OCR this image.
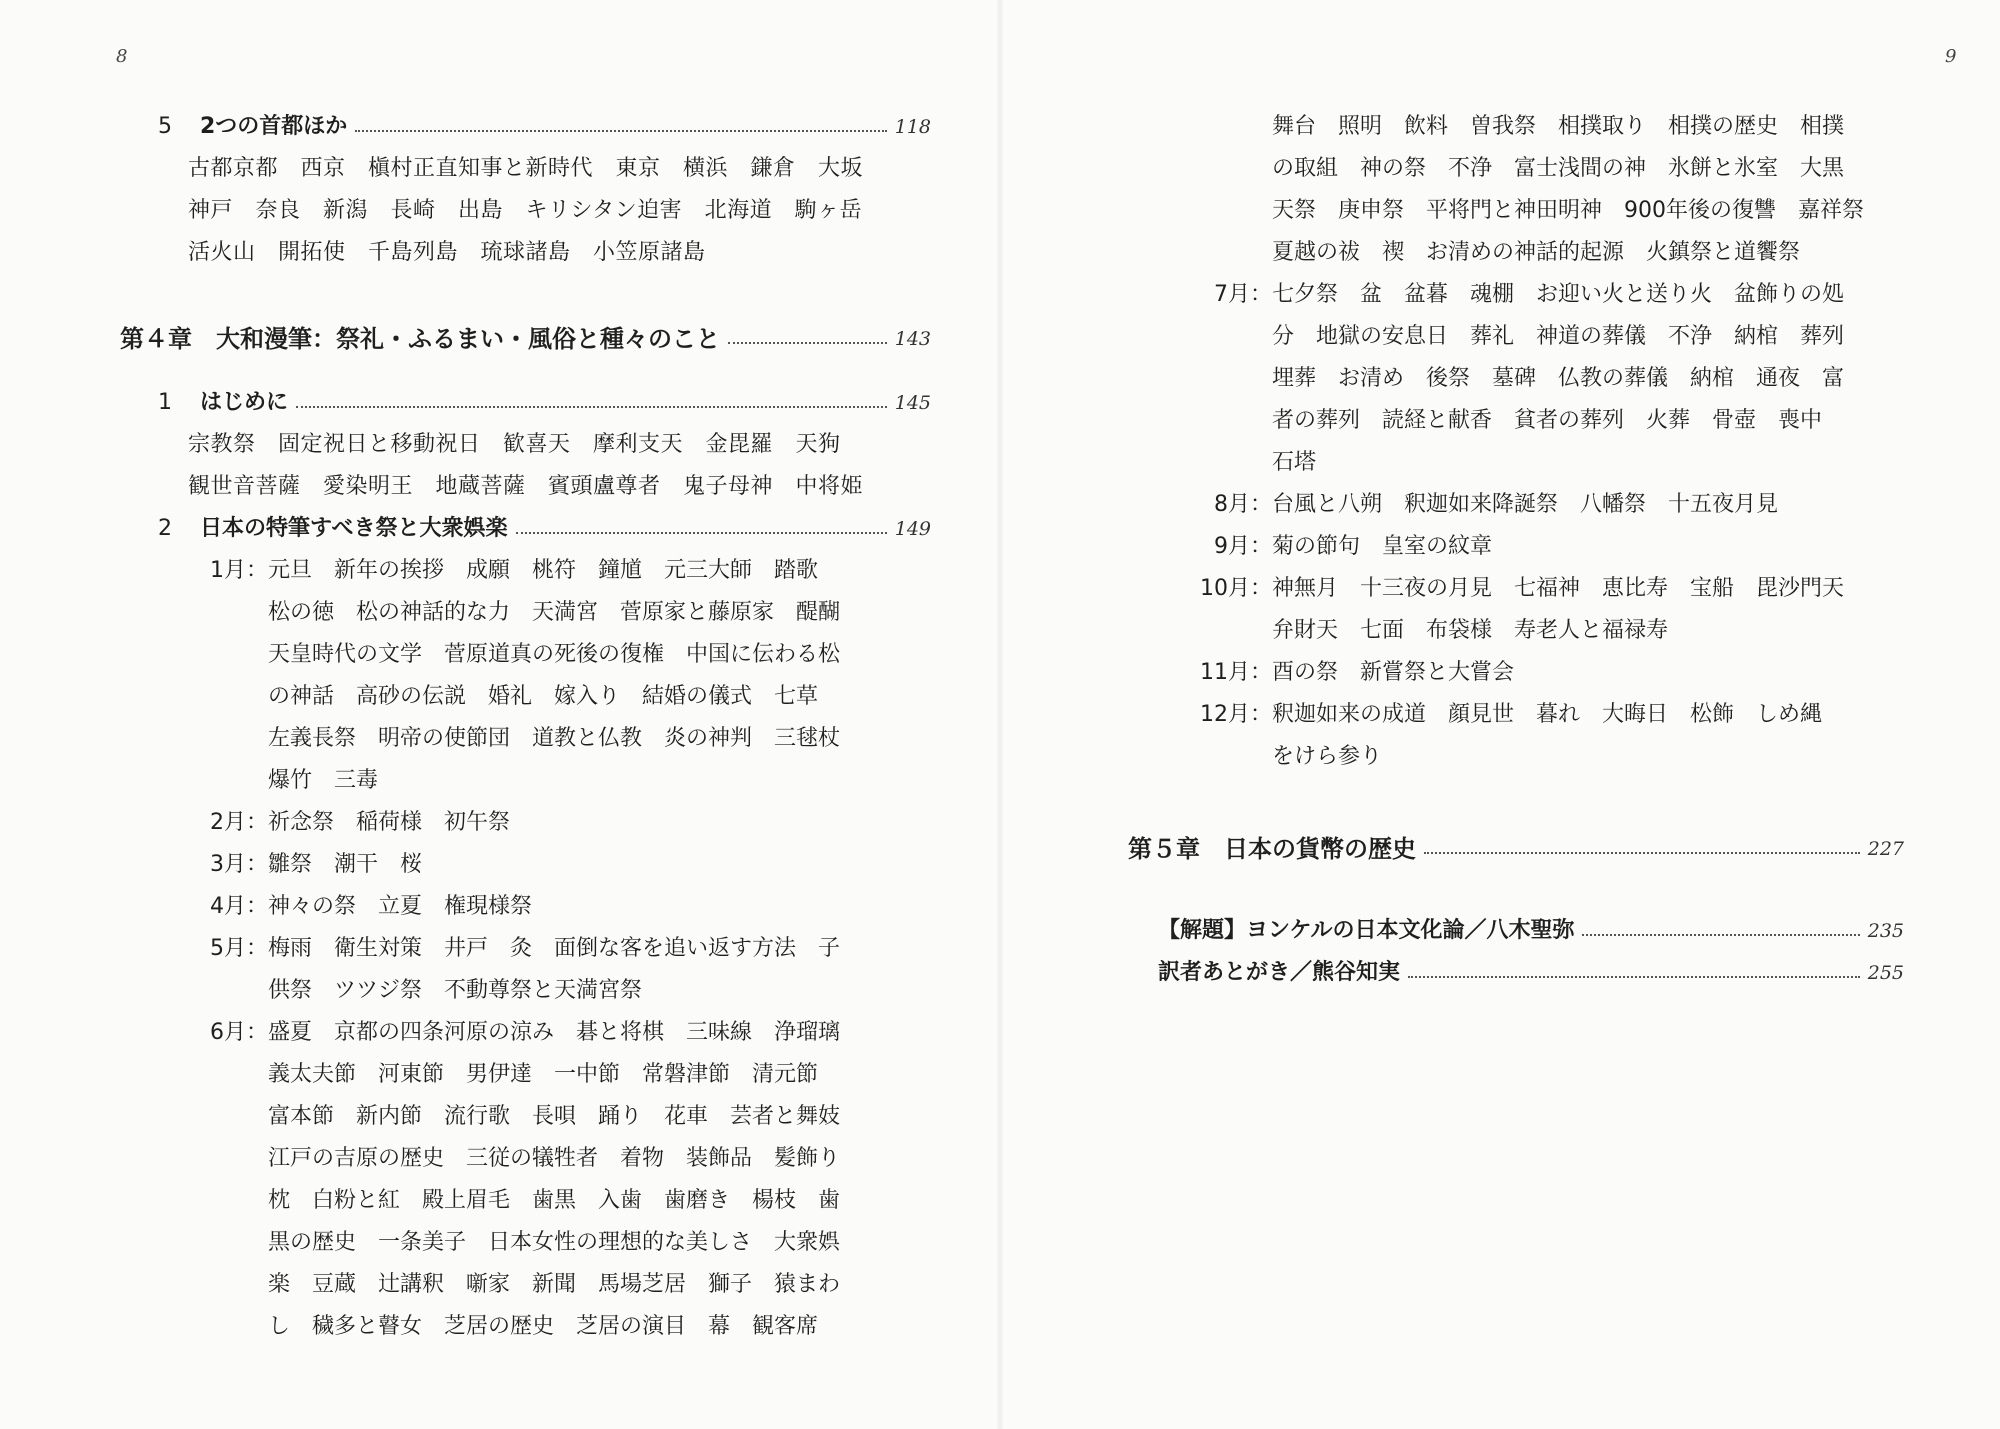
8	9
5	2つの首都ほか	118
古都京都　西京　槇村正直知事と新時代　東京　横浜　鎌倉　大坂
神戸　奈良　新潟　長崎　出島　キリシタン迫害　北海道　駒ヶ岳
活火山　開拓使　千島列島　琉球諸島　小笠原諸島
第４章　大和漫筆：祭礼・ふるまい・風俗と種々のこと	143
1	はじめに	145
宗教祭　固定祝日と移動祝日　歓喜天　摩利支天　金毘羅　天狗
観世音菩薩　愛染明王　地蔵菩薩　賓頭盧尊者　鬼子母神　中将姫
2	日本の特筆すべき祭と大衆娯楽	149
1月： 元旦　新年の挨拶　成願　桃符　鐘馗　元三大師　踏歌
松の徳　松の神話的な力　天満宮　菅原家と藤原家　醍醐
天皇時代の文学　菅原道真の死後の復権　中国に伝わる松
の神話　高砂の伝説　婚礼　嫁入り　結婚の儀式　七草
左義長祭　明帝の使節団　道教と仏教　炎の神判　三毬杖
爆竹　三毒
2月： 祈念祭　稲荷様　初午祭
3月： 雛祭　潮干　桜
4月： 神々の祭　立夏　権現様祭
5月： 梅雨　衛生対策　井戸　灸　面倒な客を追い返す方法　子
供祭　ツツジ祭　不動尊祭と天満宮祭
6月： 盛夏　京都の四条河原の涼み　碁と将棋　三味線　浄瑠璃
義太夫節　河東節　男伊達　一中節　常磐津節　清元節
富本節　新内節　流行歌　長唄　踊り　花車　芸者と舞妓
江戸の吉原の歴史　三従の犠牲者　着物　装飾品　髪飾り
枕　白粉と紅　殿上眉毛　歯黒　入歯　歯磨き　楊枝　歯
黒の歴史　一条美子　日本女性の理想的な美しさ　大衆娯
楽　豆蔵　辻講釈　噺家　新聞　馬場芝居　獅子　猿まわ
し　穢多と瞽女　芝居の歴史　芝居の演目　幕　観客席
舞台　照明　飲料　曽我祭　相撲取り　相撲の歴史　相撲
の取組　神の祭　不浄　富士浅間の神　氷餅と氷室　大黒
天祭　庚申祭　平将門と神田明神　900年後の復讐　嘉祥祭
夏越の祓　禊　お清めの神話的起源　火鎮祭と道饗祭
7月： 七夕祭　盆　盆暮　魂棚　お迎い火と送り火　盆飾りの処
分　地獄の安息日　葬礼　神道の葬儀　不浄　納棺　葬列
埋葬　お清め　後祭　墓碑　仏教の葬儀　納棺　通夜　富
者の葬列　読経と献香　貧者の葬列　火葬　骨壺　喪中
石塔
8月： 台風と八朔　釈迦如来降誕祭　八幡祭　十五夜月見
9月： 菊の節句　皇室の紋章
10月： 神無月　十三夜の月見　七福神　恵比寿　宝船　毘沙門天
弁財天　七面　布袋様　寿老人と福禄寿
11月： 酉の祭　新嘗祭と大嘗会
12月： 釈迦如来の成道　顔見世　暮れ　大晦日　松飾　しめ縄
をけら参り
第５章　日本の貨幣の歴史	227
【解題】ヨンケルの日本文化論／八木聖弥	235
訳者あとがき／熊谷知実	255
